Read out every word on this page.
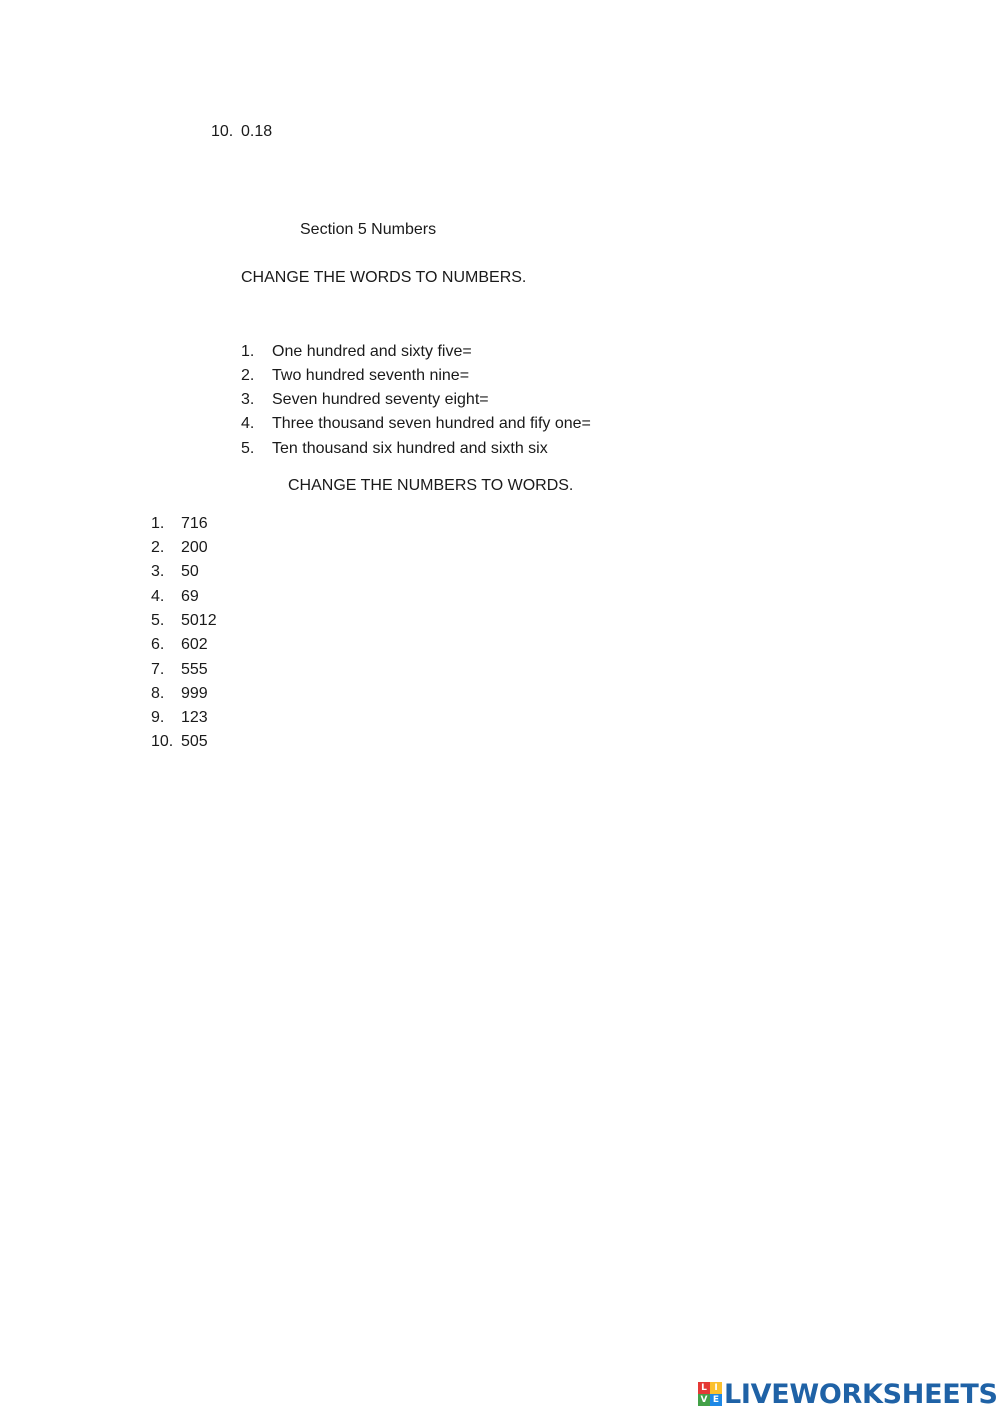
10. 0.18
Section 5 Numbers
CHANGE THE WORDS TO NUMBERS.
1. One hundred and sixty five=
2. Two hundred seventh nine=
3. Seven hundred seventy eight=
4. Three thousand seven hundred and fify one=
5. Ten thousand six hundred and sixth six
CHANGE THE NUMBERS TO WORDS.
1. 716
2. 200
3. 50
4. 69
5. 5012
6. 602
7. 555
8. 999
9. 123
10. 505
L I
V E LIVEWORKSHEETS
